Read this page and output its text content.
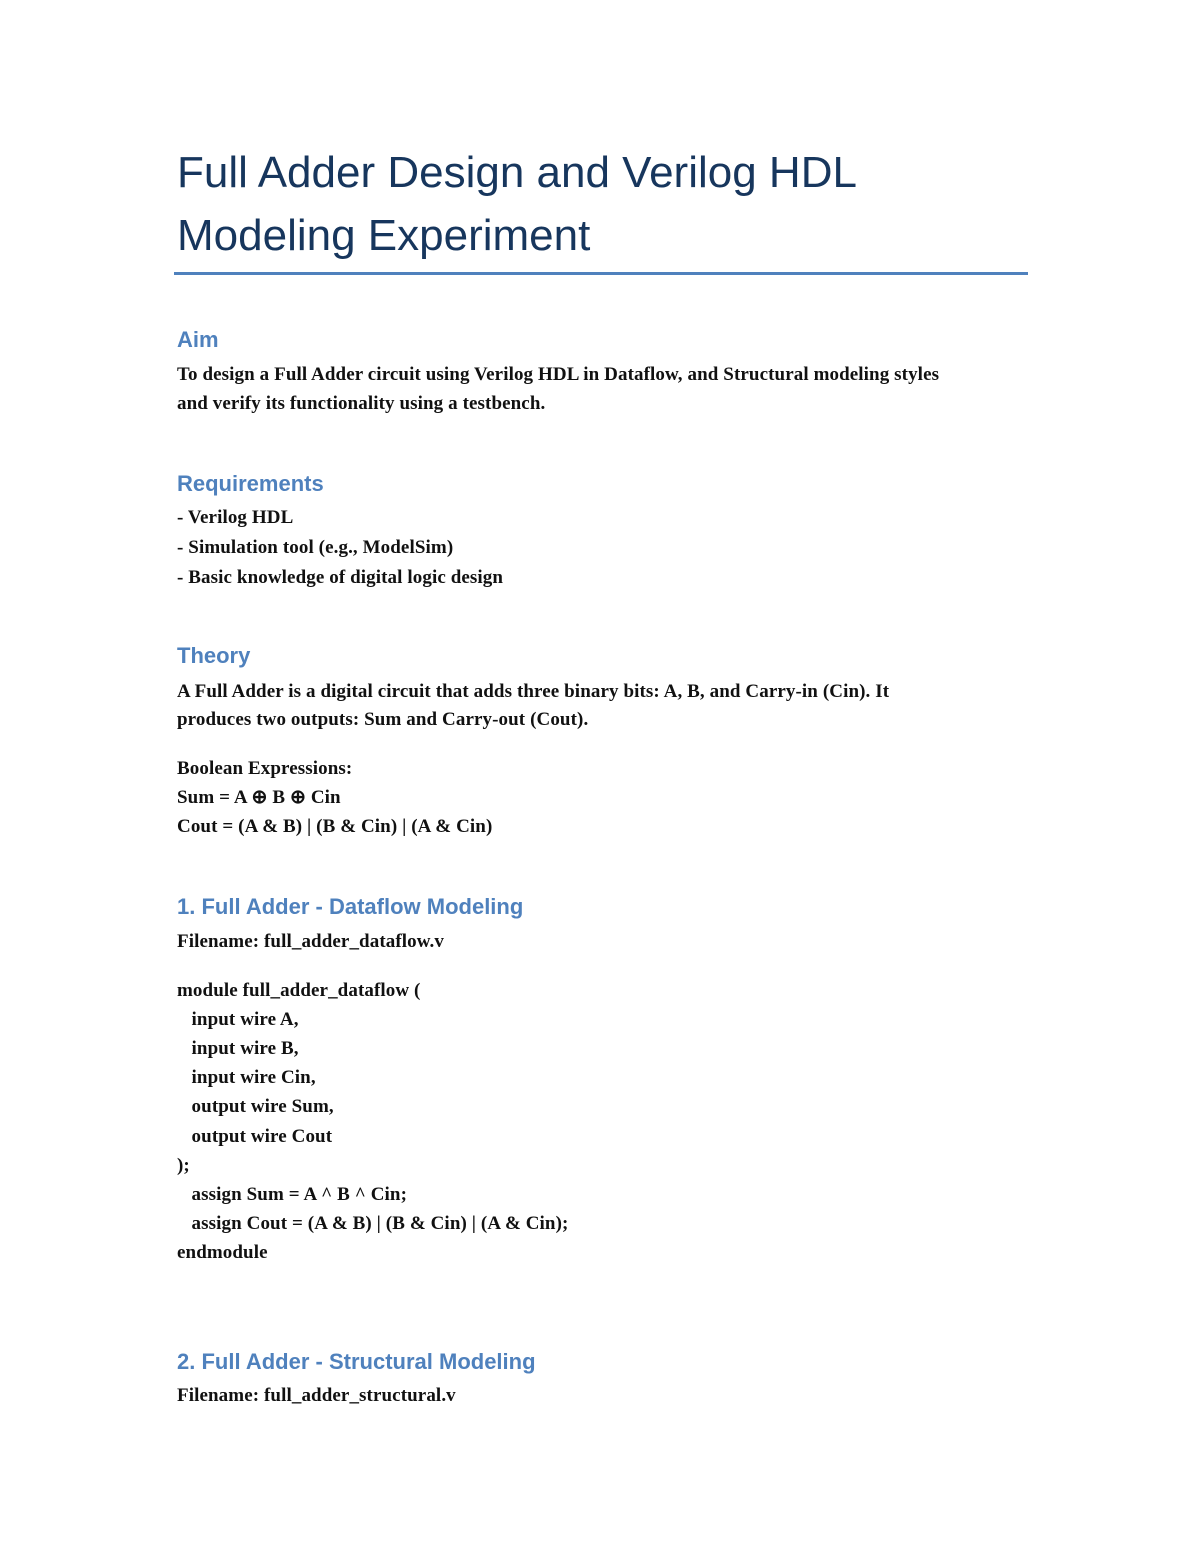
Full Adder Design and Verilog HDL
Modeling Experiment
Aim
To design a Full Adder circuit using Verilog HDL in Dataflow, and Structural modeling styles
and verify its functionality using a testbench.
Requirements
- Verilog HDL
- Simulation tool (e.g., ModelSim)
- Basic knowledge of digital logic design
Theory
A Full Adder is a digital circuit that adds three binary bits: A, B, and Carry-in (Cin). It
produces two outputs: Sum and Carry-out (Cout).
Boolean Expressions:
Sum = A ⊕ B ⊕ Cin
Cout = (A & B) | (B & Cin) | (A & Cin)
1. Full Adder - Dataflow Modeling
Filename: full_adder_dataflow.v
module full_adder_dataflow (
input wire A,
input wire B,
input wire Cin,
output wire Sum,
output wire Cout
);
assign Sum = A ^ B ^ Cin;
assign Cout = (A & B) | (B & Cin) | (A & Cin);
endmodule
2. Full Adder - Structural Modeling
Filename: full_adder_structural.v
